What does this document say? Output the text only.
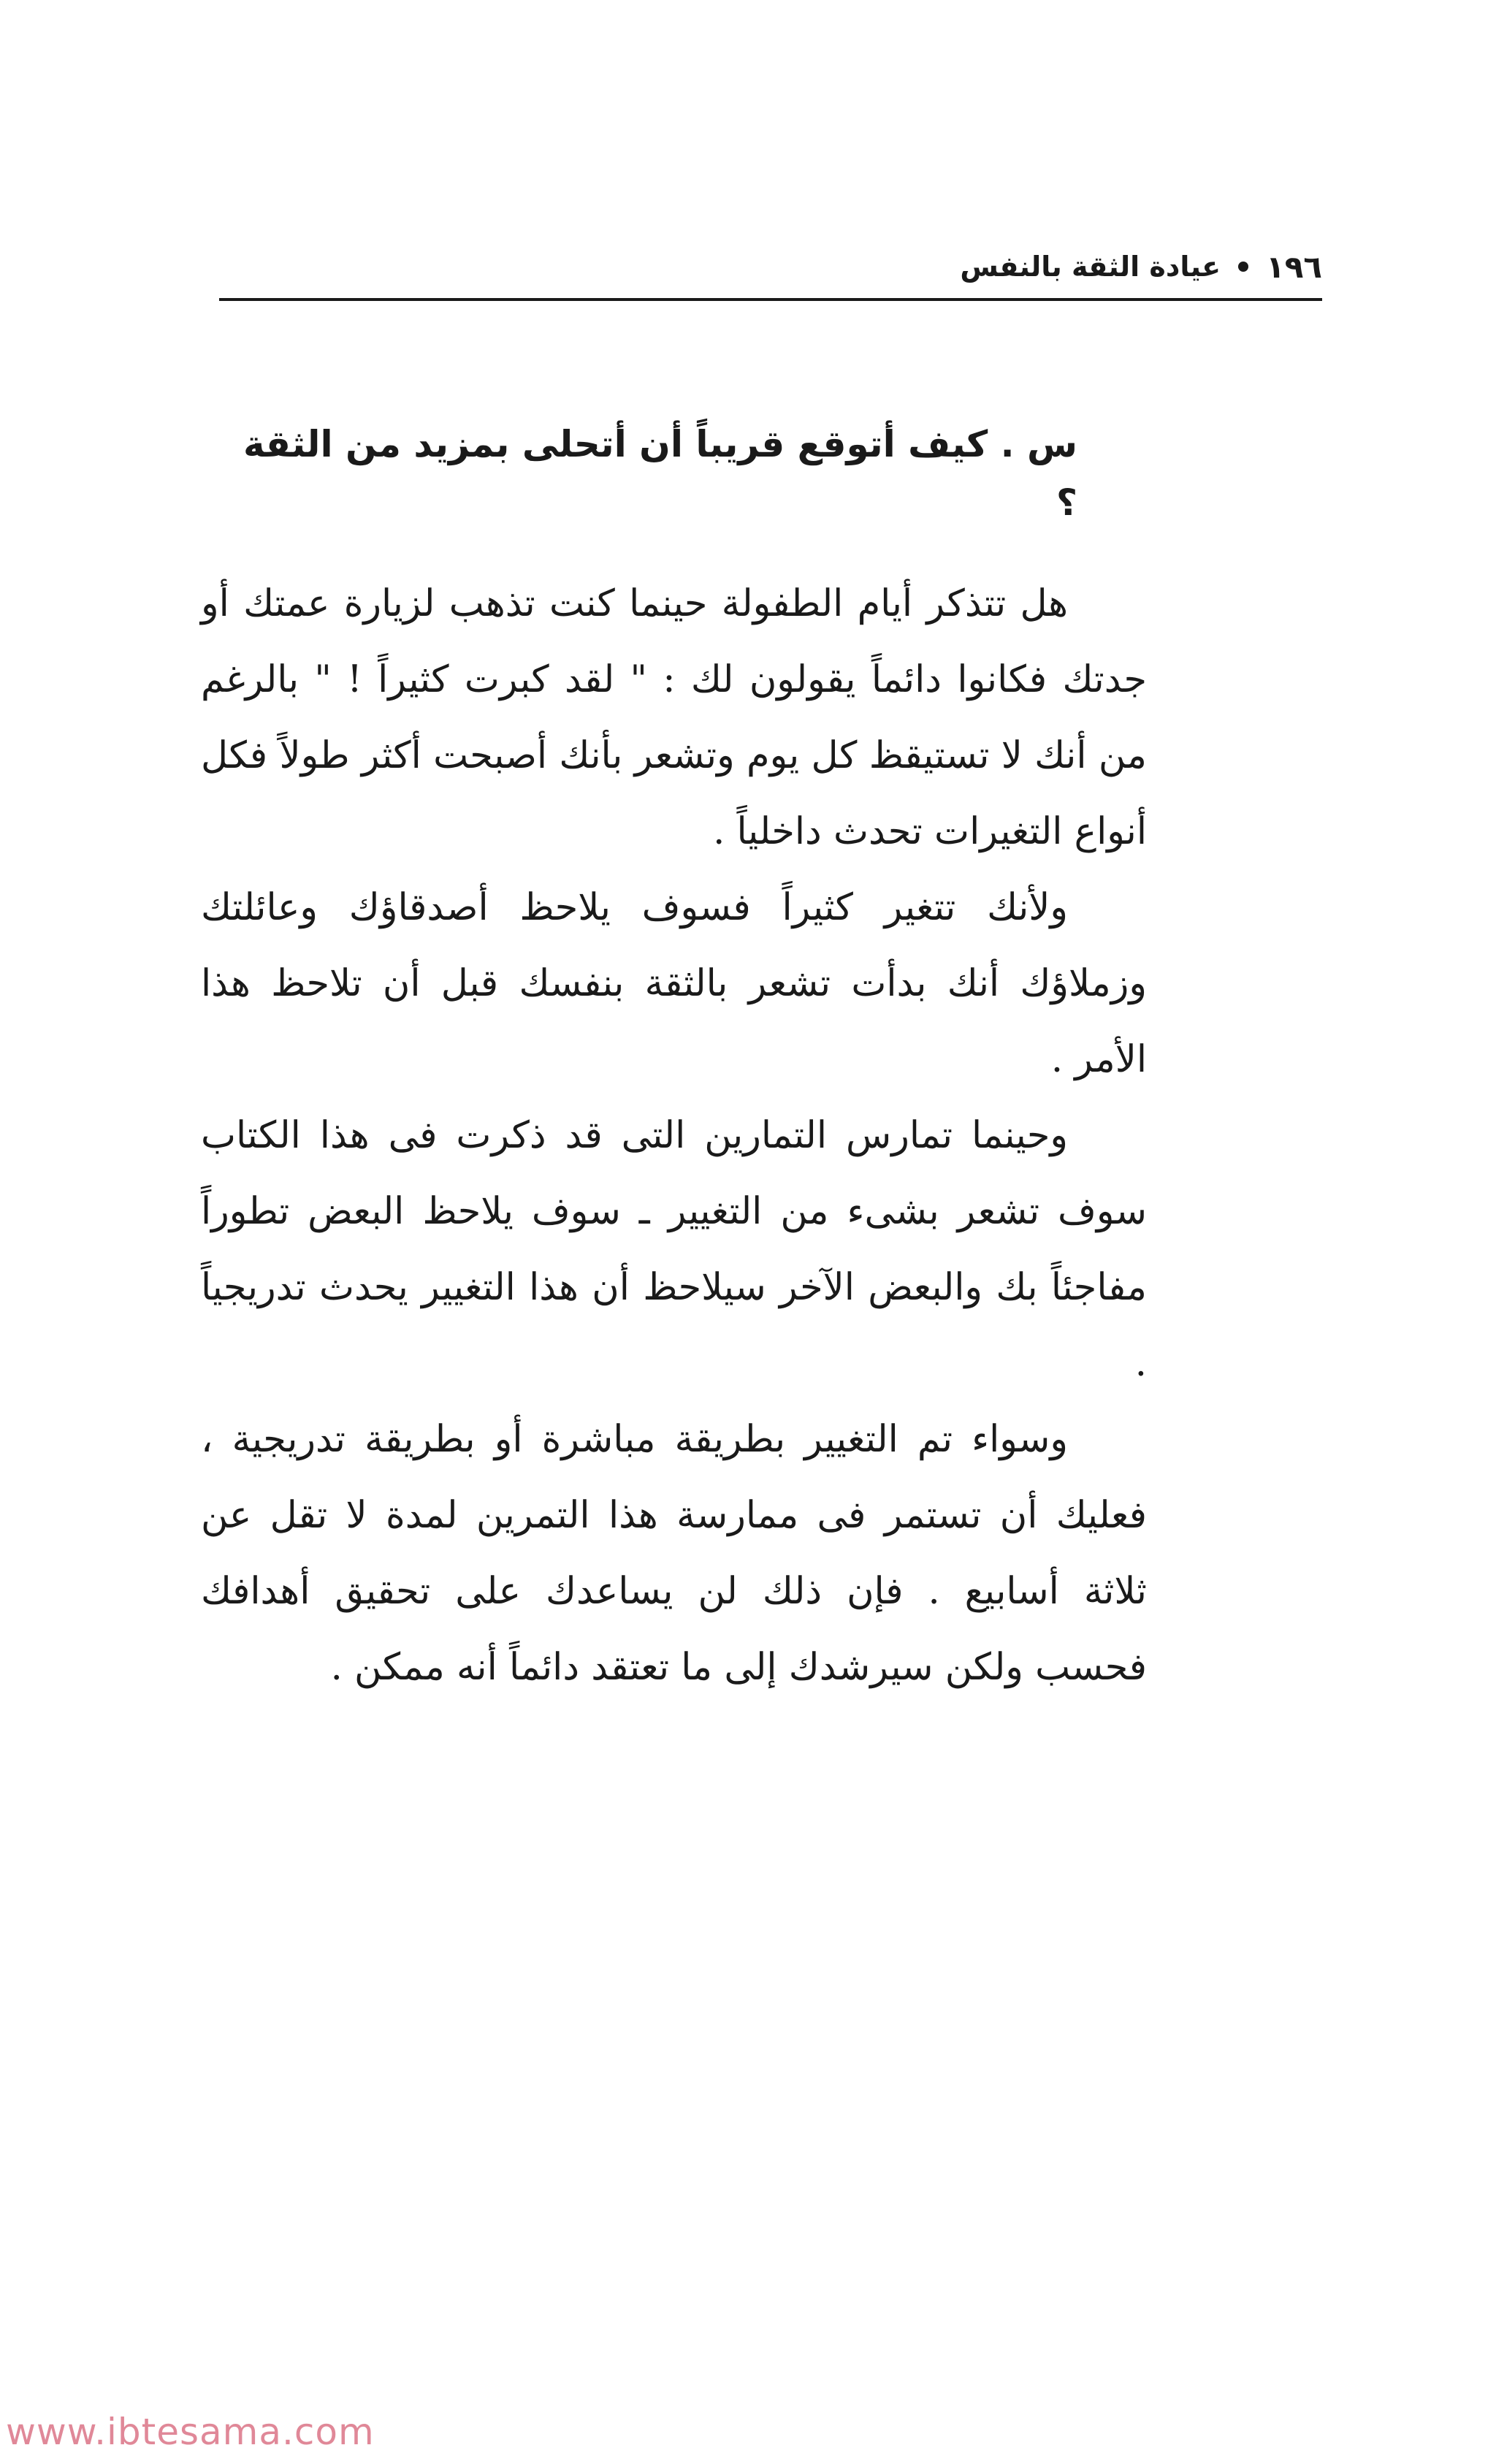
١٩٦
عيادة الثقة بالنفس
س . كيف أتوقع قريباً أن أتحلى بمزيد من الثقة ؟

هل تتذكر أيام الطفولة حينما كنت تذهب لزيارة عمتك أو جدتك فكانوا دائماً يقولون لك : " لقد كبرت كثيراً ! " بالرغم من أنك لا تستيقظ كل يوم وتشعر بأنك أصبحت أكثر طولاً فكل أنواع التغيرات تحدث داخلياً .

ولأنك تتغير كثيراً فسوف يلاحظ أصدقاؤك وعائلتك وزملاؤك أنك بدأت تشعر بالثقة بنفسك قبل أن تلاحظ هذا الأمر .

وحينما تمارس التمارين التى قد ذكرت فى هذا الكتاب سوف تشعر بشىء من التغيير ـ سوف يلاحظ البعض تطوراً مفاجئاً بك والبعض الآخر سيلاحظ أن هذا التغيير يحدث تدريجياً .

وسواء تم التغيير بطريقة مباشرة أو بطريقة تدريجية ، فعليك أن تستمر فى ممارسة هذا التمرين لمدة لا تقل عن ثلاثة أسابيع . فإن ذلك لن يساعدك على تحقيق أهدافك فحسب ولكن سيرشدك إلى ما تعتقد دائماً أنه ممكن .

www.ibtesama.com
